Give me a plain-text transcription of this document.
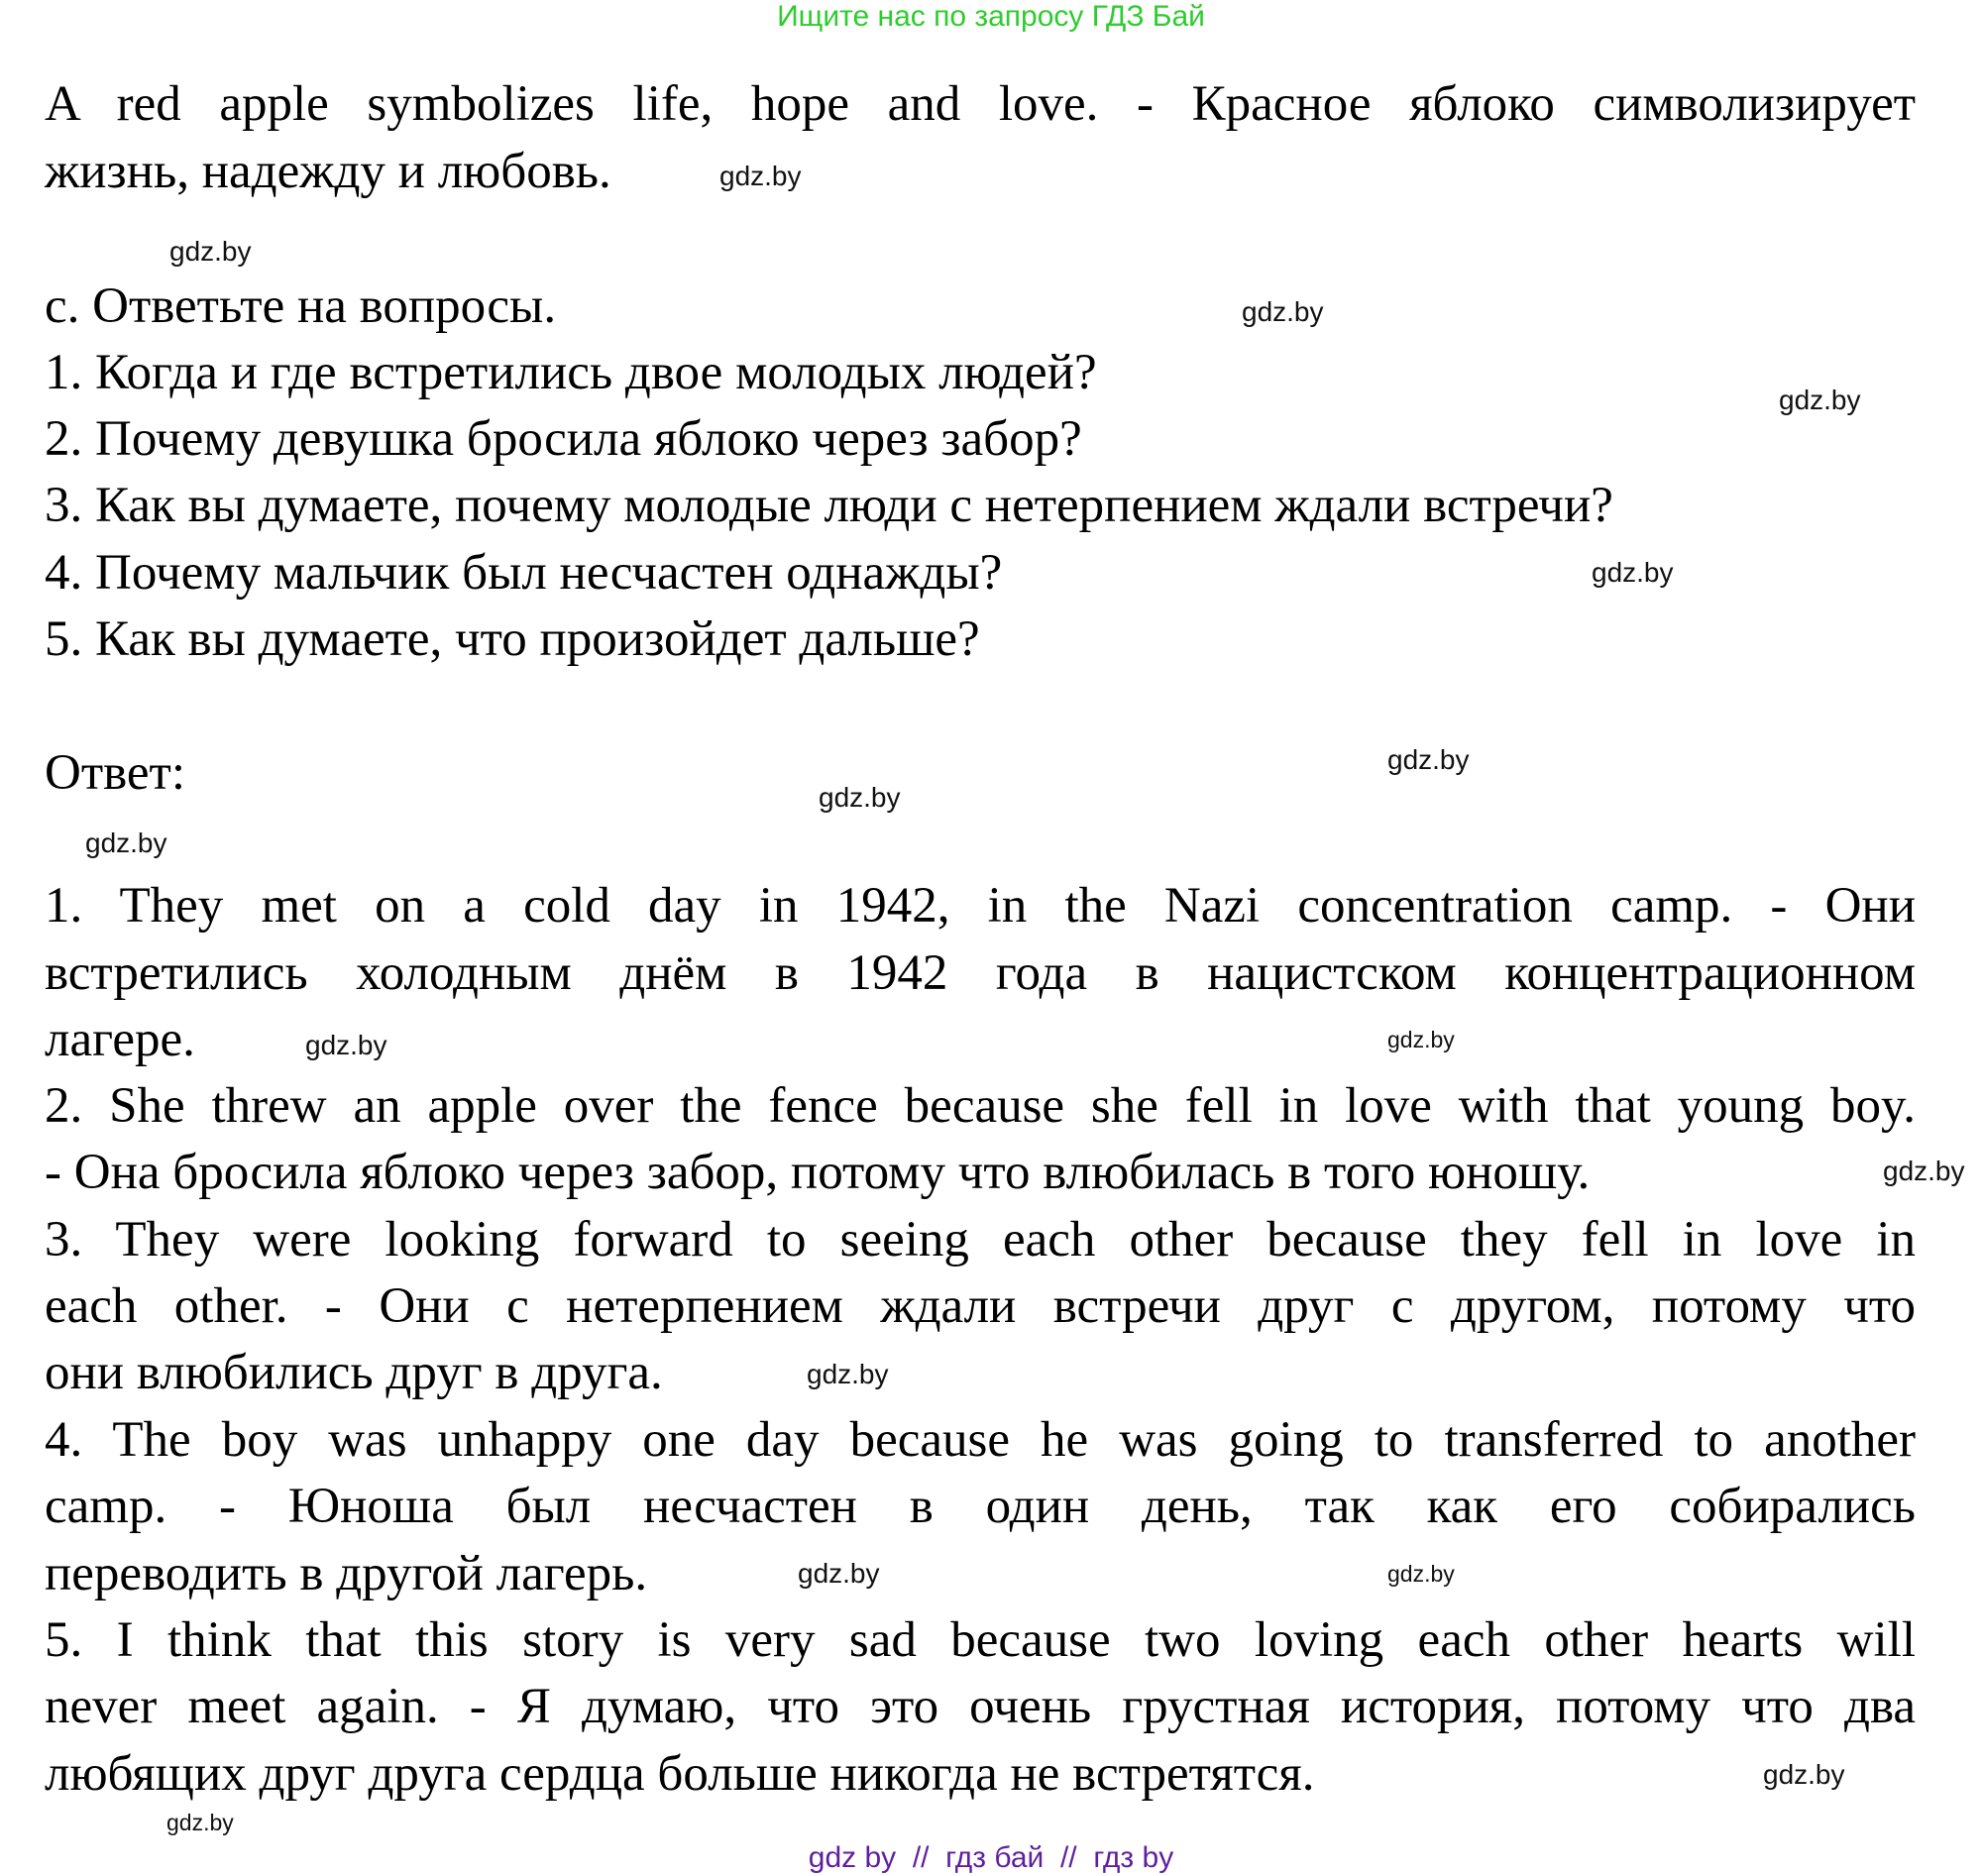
Ищите нас по запросу ГДЗ Бай
A red apple symbolizes life, hope and love. - Красное яблоко символизирует
жизнь, надежду и любовь.
c. Ответьте на вопросы.
1. Когда и где встретились двое молодых людей?
2. Почему девушка бросила яблоко через забор?
3. Как вы думаете, почему молодые люди с нетерпением ждали встречи?
4. Почему мальчик был несчастен однажды?
5. Как вы думаете, что произойдет дальше?
Ответ:
1. They met on a cold day in 1942, in the Nazi concentration camp. - Они
встретились холодным днём в 1942 года в нацистском концентрационном
лагере.
2. She threw an apple over the fence because she fell in love with that young boy.
- Она бросила яблоко через забор, потому что влюбилась в того юношу.
3. They were looking forward to seeing each other because they fell in love in
each other. - Они с нетерпением ждали встречи друг с другом, потому что
они влюбились друг в друга.
4. The boy was unhappy one day because he was going to transferred to another
camp. - Юноша был несчастен в один день, так как его собирались
переводить в другой лагерь.
5. I think that this story is very sad because two loving each other hearts will
never meet again. - Я думаю, что это очень грустная история, потому что два
любящих друг друга сердца больше никогда не встретятся.
gdz.by
gdz.by
gdz.by
gdz.by
gdz.by
gdz.by
gdz.by
gdz.by
gdz.by
gdz.by
gdz.by
gdz.by
gdz.by
gdz.by
gdz.by
gdz.by
gdz by  //  гдз бай  //  гдз by
